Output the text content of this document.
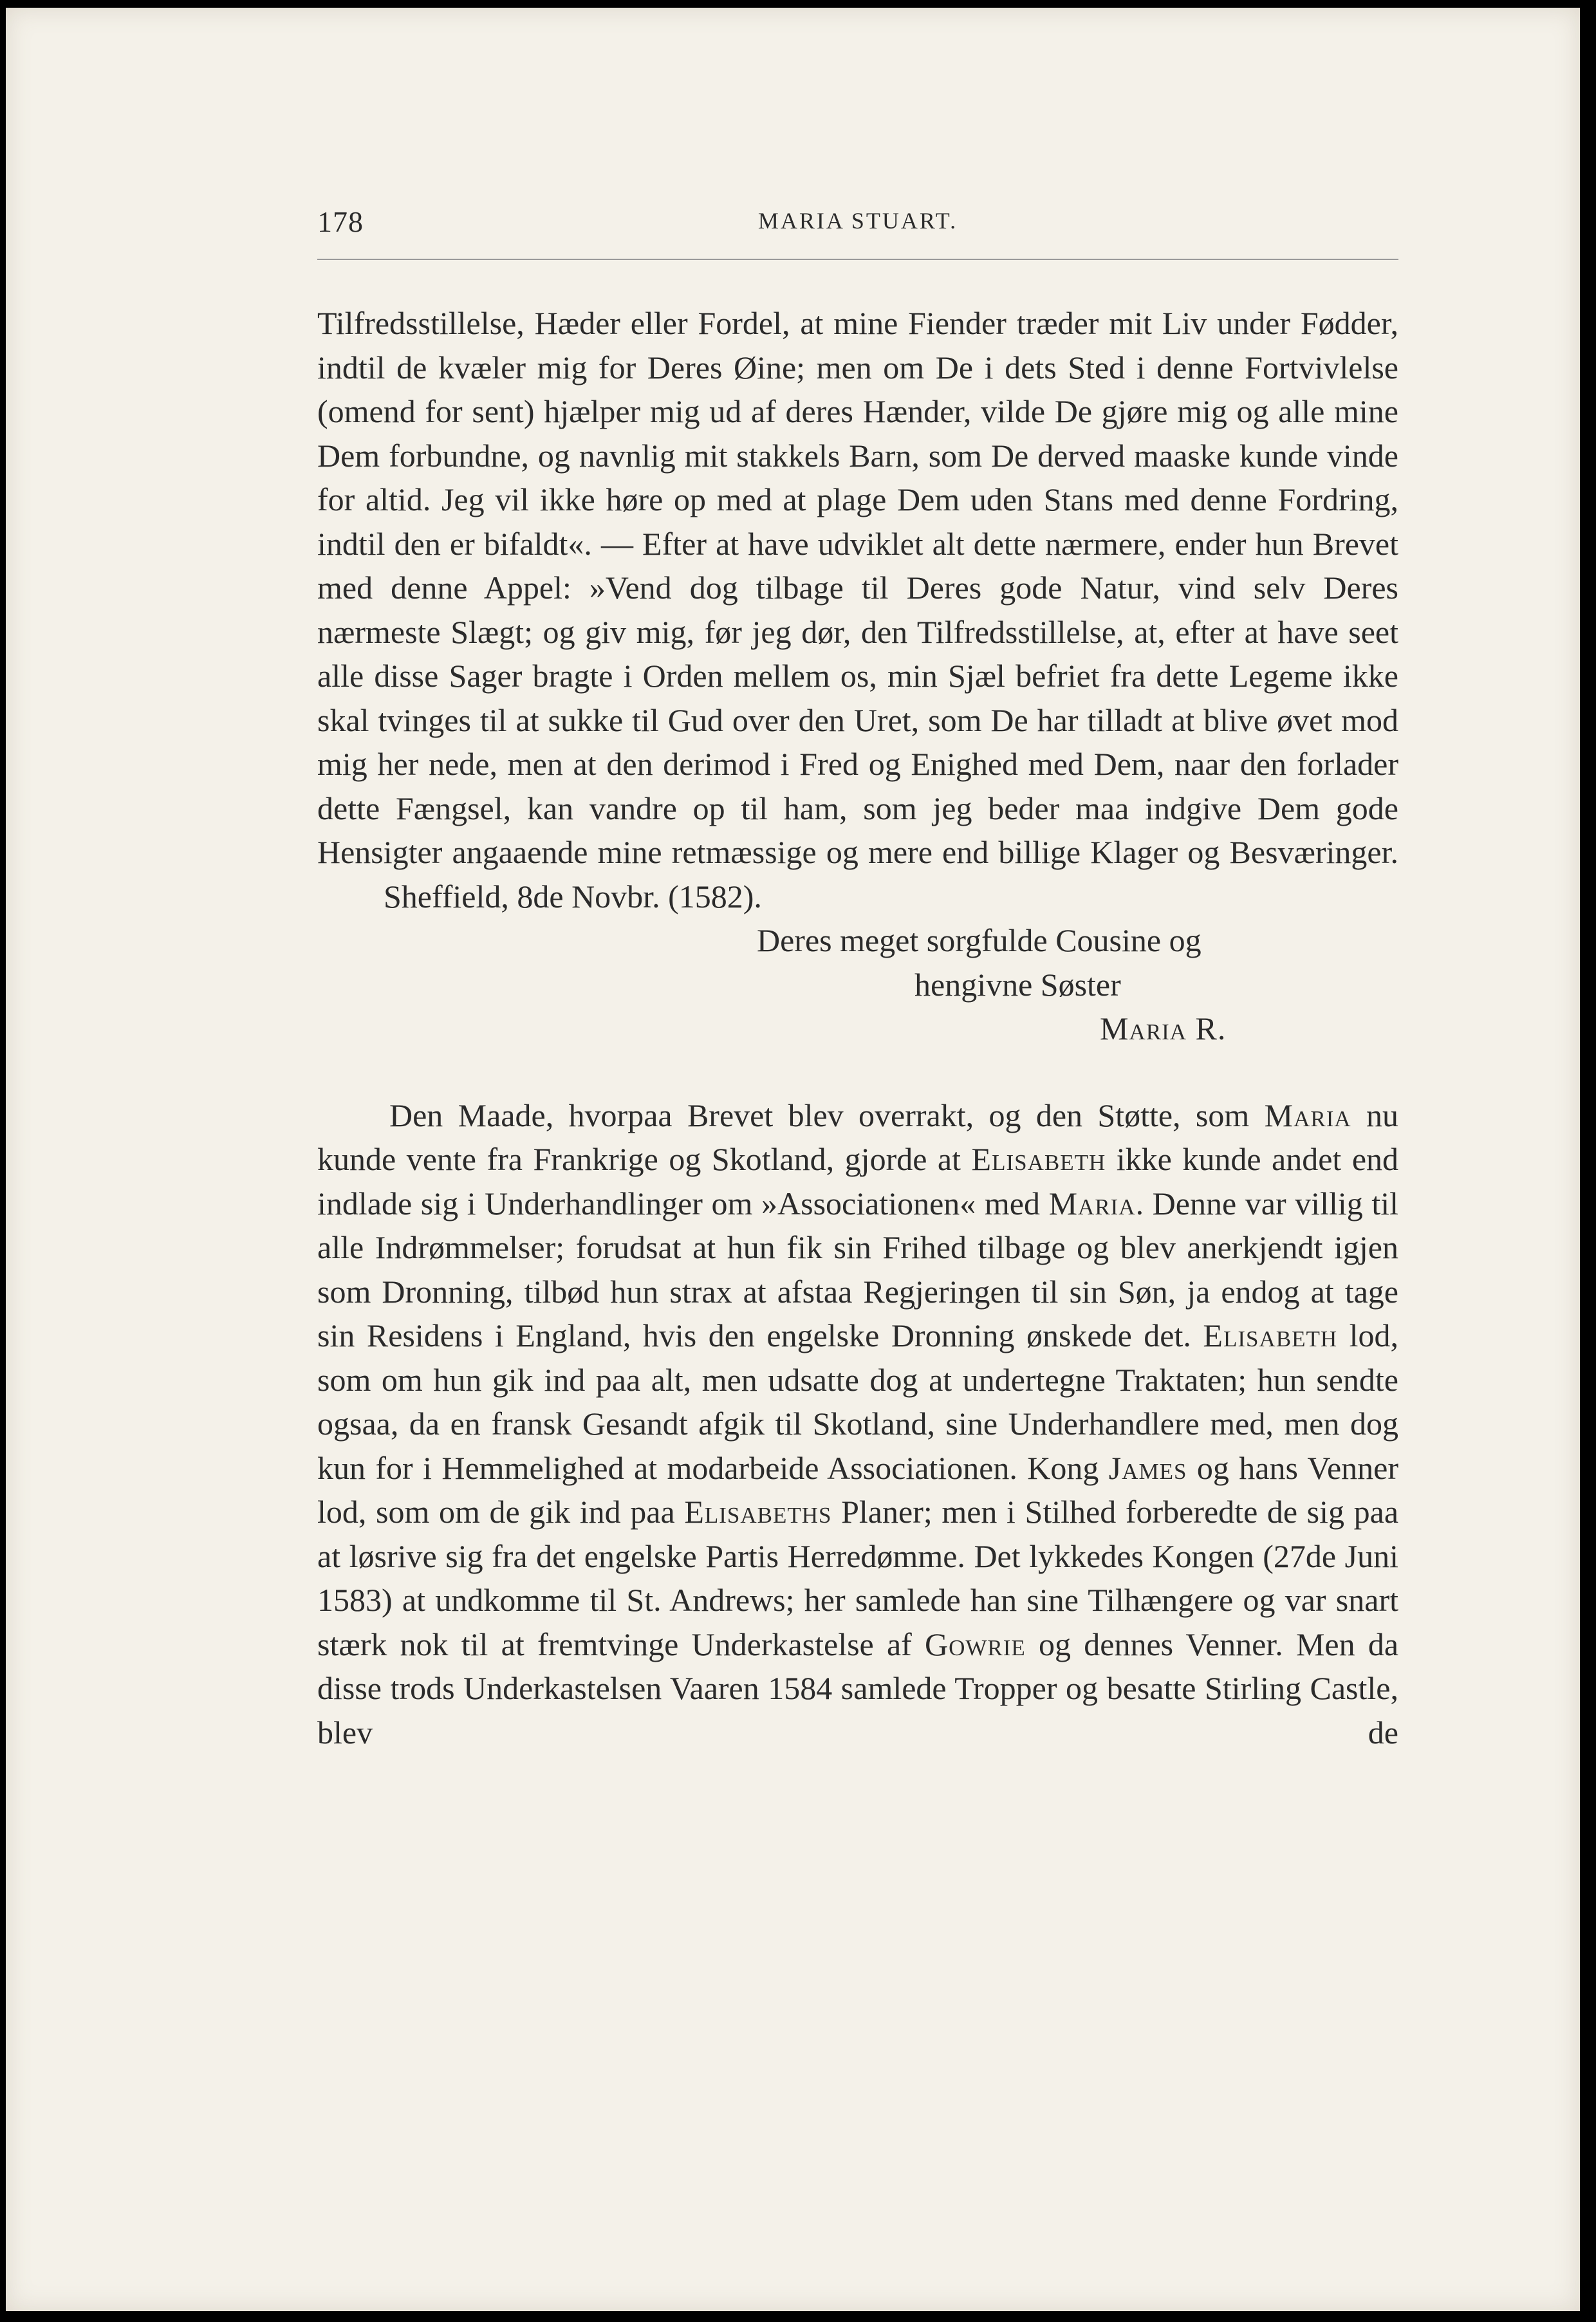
178	MARIA STUART.

Tilfredsstillelse, Hæder eller Fordel, at mine Fiender træder mit Liv under Fødder, indtil de kvæler mig for Deres Øine; men om De i dets Sted i denne Fortvivlelse (omend for sent) hjælper mig ud af deres Hænder, vilde De gjøre mig og alle mine Dem forbundne, og navnlig mit stakkels Barn, som De derved maaske kunde vinde for altid. Jeg vil ikke høre op med at plage Dem uden Stans med denne Fordring, indtil den er bifaldt«. — Efter at have udviklet alt dette nærmere, ender hun Brevet med denne Appel: »Vend dog tilbage til Deres gode Natur, vind selv Deres nærmeste Slægt; og giv mig, før jeg dør, den Tilfredsstillelse, at, efter at have seet alle disse Sager bragte i Orden mellem os, min Sjæl befriet fra dette Legeme ikke skal tvinges til at sukke til Gud over den Uret, som De har tilladt at blive øvet mod mig her nede, men at den derimod i Fred og Enighed med Dem, naar den forlader dette Fængsel, kan vandre op til ham, som jeg beder maa indgive Dem gode Hensigter angaaende mine retmæssige og mere end billige Klager og Besværinger.

Sheffield, 8de Novbr. (1582).

Deres meget sorgfulde Cousine og

hengivne Søster

Maria R.

Den Maade, hvorpaa Brevet blev overrakt, og den Støtte, som Maria nu kunde vente fra Frankrige og Skotland, gjorde at Elisabeth ikke kunde andet end indlade sig i Underhandlinger om »Associationen« med Maria. Denne var villig til alle Indrømmelser; forudsat at hun fik sin Frihed tilbage og blev anerkjendt igjen som Dronning, tilbød hun strax at afstaa Regjeringen til sin Søn, ja endog at tage sin Residens i England, hvis den engelske Dronning ønskede det. Elisabeth lod, som om hun gik ind paa alt, men udsatte dog at undertegne Traktaten; hun sendte ogsaa, da en fransk Gesandt afgik til Skotland, sine Underhandlere med, men dog kun for i Hemmelighed at modarbeide Associationen. Kong James og hans Venner lod, som om de gik ind paa Elisabeths Planer; men i Stilhed forberedte de sig paa at løsrive sig fra det engelske Partis Herredømme. Det lykkedes Kongen (27de Juni 1583) at undkomme til St. Andrews; her samlede han sine Tilhængere og var snart stærk nok til at fremtvinge Underkastelse af Gowrie og dennes Venner. Men da disse trods Underkastelsen Vaaren 1584 samlede Tropper og besatte Stirling Castle, blev de
